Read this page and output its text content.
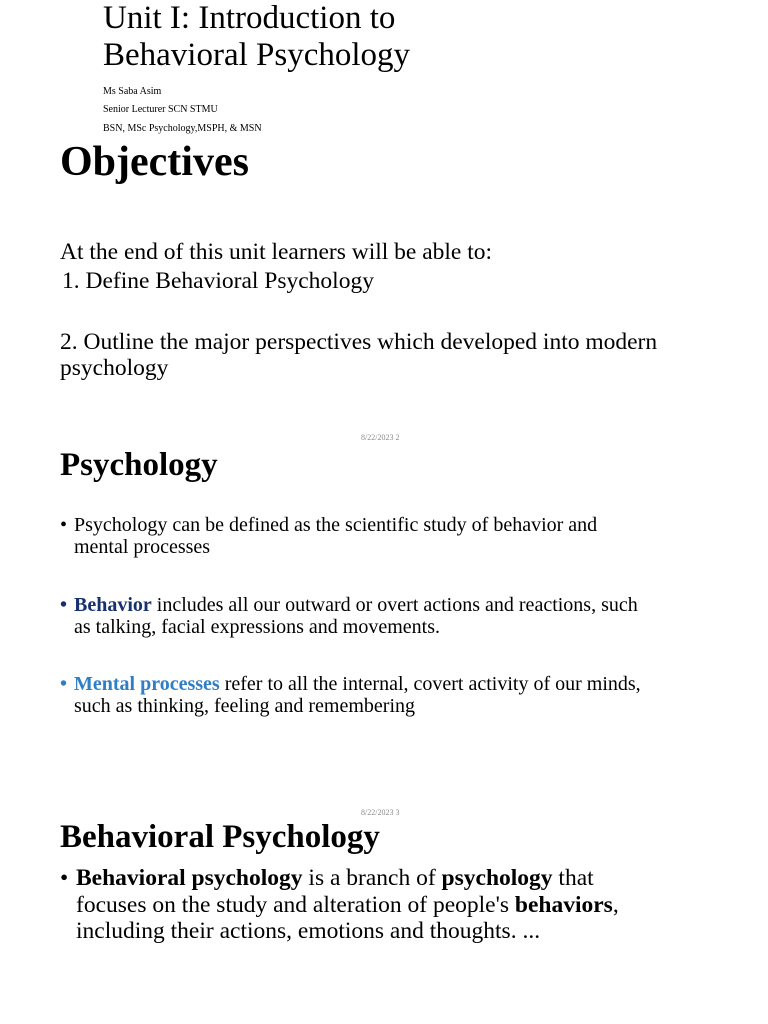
Unit I: Introduction to
Behavioral Psychology
Ms Saba Asim
Senior Lecturer SCN STMU
BSN, MSc Psychology,MSPH, & MSN
Objectives
At the end of this unit learners will be able to:
1. Define Behavioral Psychology
2. Outline the major perspectives which developed into modern
psychology
8/22/2023 2
Psychology
• Psychology can be defined as the scientific study of behavior and
mental processes
• Behavior includes all our outward or overt actions and reactions, such
as talking, facial expressions and movements.
• Mental processes refer to all the internal, covert activity of our minds,
such as thinking, feeling and remembering
8/22/2023 3
Behavioral Psychology
• Behavioral psychology is a branch of psychology that
focuses on the study and alteration of people's behaviors,
including their actions, emotions and thoughts. ...
